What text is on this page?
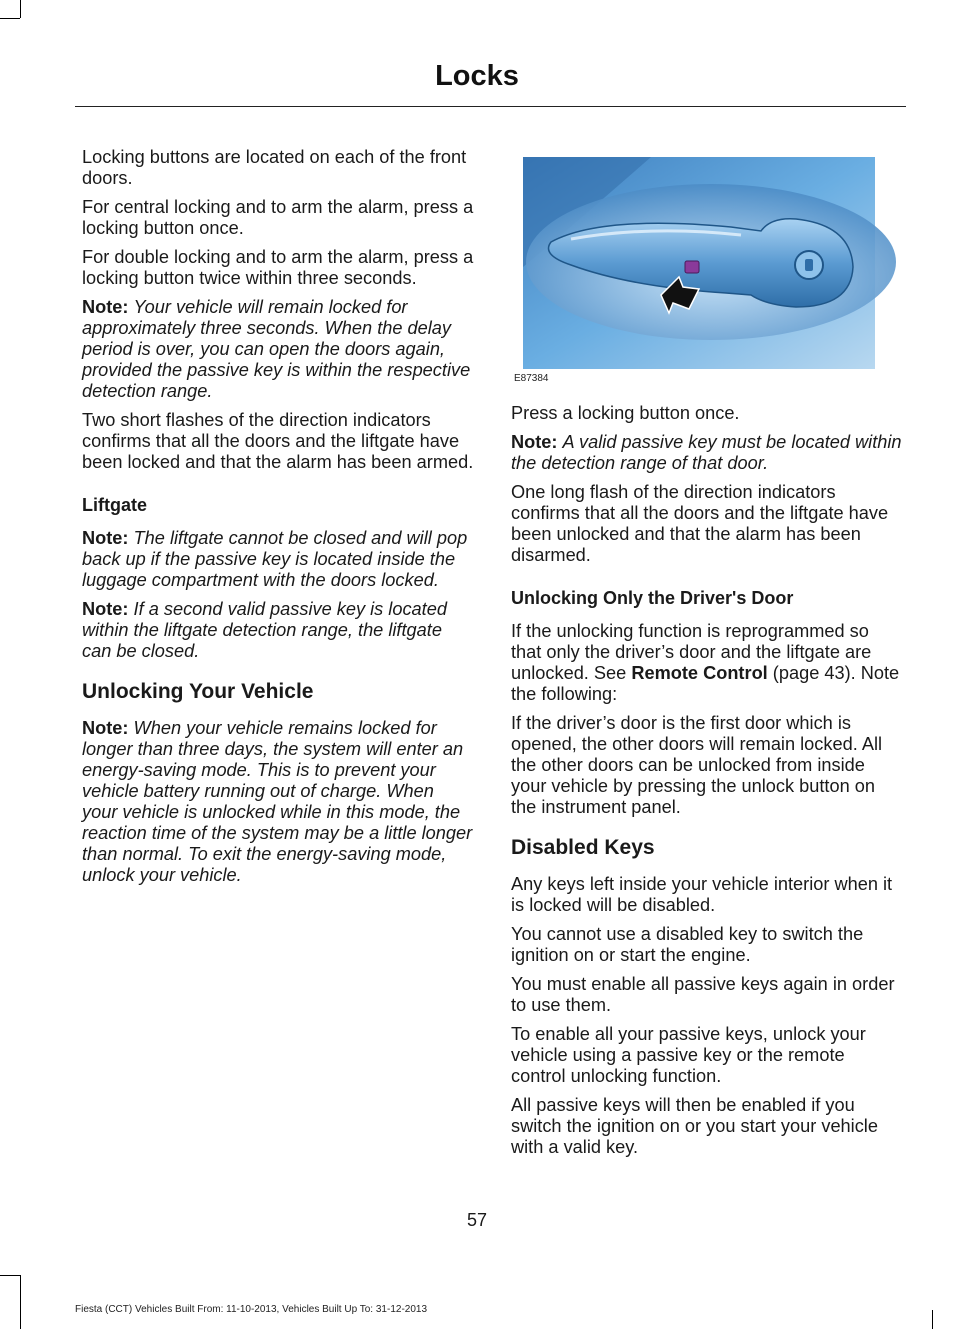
Locks

Locking buttons are located on each of the front doors.

For central locking and to arm the alarm, press a locking button once.

For double locking and to arm the alarm, press a locking button twice within three seconds.

Note: Your vehicle will remain locked for approximately three seconds. When the delay period is over, you can open the doors again, provided the passive key is within the respective detection range.

Two short flashes of the direction indicators confirms that all the doors and the liftgate have been locked and that the alarm has been armed.

Liftgate

Note: The liftgate cannot be closed and will pop back up if the passive key is located inside the luggage compartment with the doors locked.

Note: If a second valid passive key is located within the liftgate detection range, the liftgate can be closed.

Unlocking Your Vehicle

Note: When your vehicle remains locked for longer than three days, the system will enter an energy-saving mode. This is to prevent your vehicle battery running out of charge. When your vehicle is unlocked while in this mode, the reaction time of the system may be a little longer than normal. To exit the energy-saving mode, unlock your vehicle.

E87384

Press a locking button once.

Note: A valid passive key must be located within the detection range of that door.

One long flash of the direction indicators confirms that all the doors and the liftgate have been unlocked and that the alarm has been disarmed.

Unlocking Only the Driver's Door

If the unlocking function is reprogrammed so that only the driver’s door and the liftgate are unlocked. See Remote Control (page 43). Note the following:

If the driver’s door is the first door which is opened, the other doors will remain locked. All the other doors can be unlocked from inside your vehicle by pressing the unlock button on the instrument panel.

Disabled Keys

Any keys left inside your vehicle interior when it is locked will be disabled.

You cannot use a disabled key to switch the ignition on or start the engine.

You must enable all passive keys again in order to use them.

To enable all your passive keys, unlock your vehicle using a passive key or the remote control unlocking function.

All passive keys will then be enabled if you switch the ignition on or you start your vehicle with a valid key.

57
Fiesta (CCT) Vehicles Built From: 11-10-2013, Vehicles Built Up To: 31-12-2013
